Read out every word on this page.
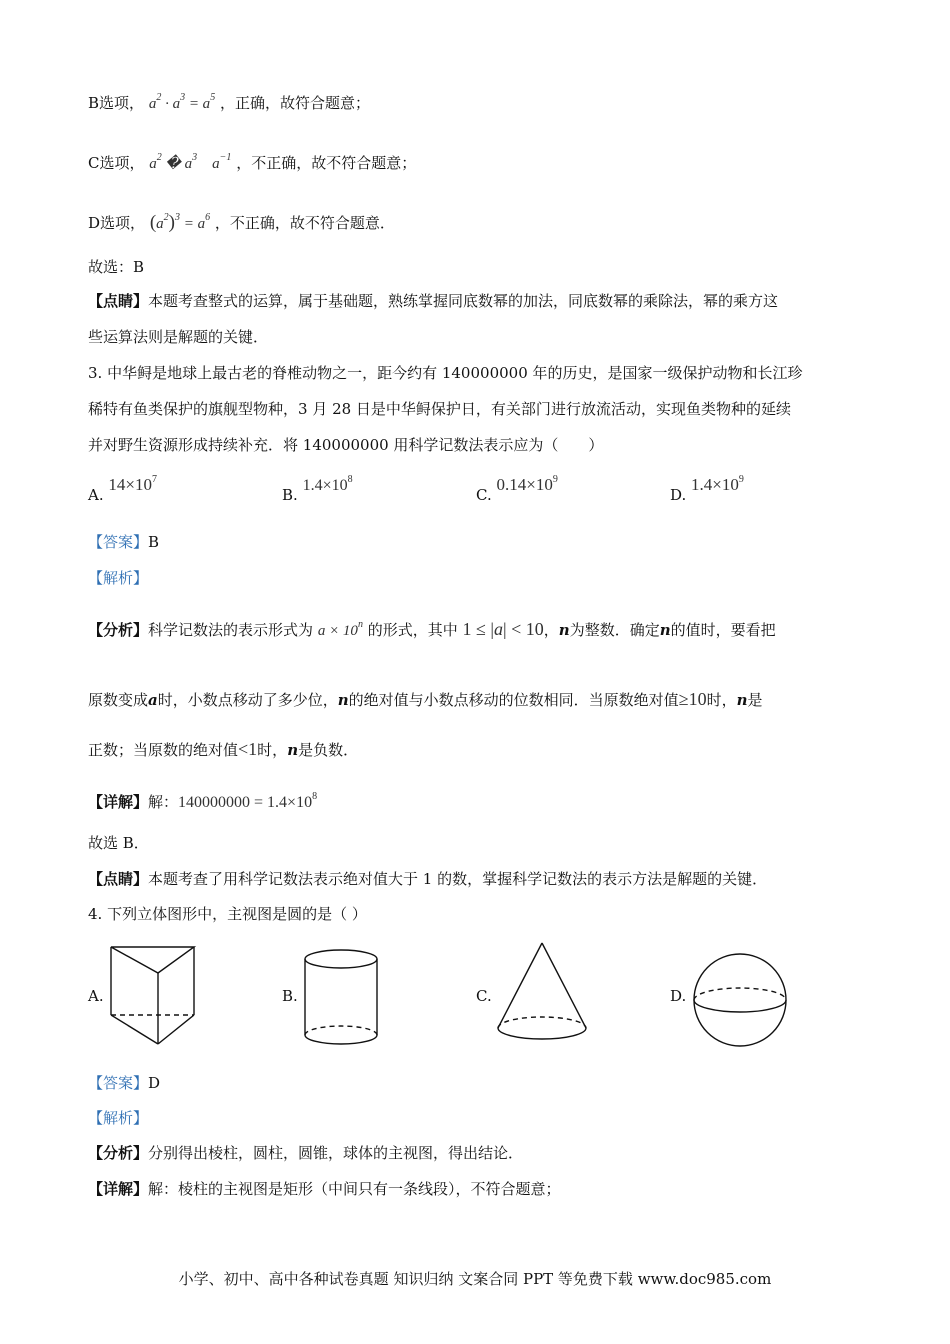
B选项， $a^2 \cdot a^3 = a^5$ ，正确，故符合题意；
C选项， $a^2$ � $a^3$    $a^{-1}$ ，不正确，故不符合题意；
D选项， $(a^2)^3 = a^6$ ，不正确，故不符合题意．
故选：B
【点睛】本题考查整式的运算，属于基础题，熟练掌握同底数幂的加法，同底数幂的乘除法，幂的乘方这
些运算法则是解题的关键．
3. 中华鲟是地球上最古老的脊椎动物之一，距今约有 140000000 年的历史，是国家一级保护动物和长江珍
稀特有鱼类保护的旗舰型物种，3 月 28 日是中华鲟保护日，有关部门进行放流活动，实现鱼类物种的延续
并对野生资源形成持续补充．将 140000000 用科学记数法表示应为（　　）
A. $14\times 10^7$
B. $1.4\times 10^8$
C. $0.14\times 10^9$
D. $1.4\times 10^9$
【答案】B
【解析】
【分析】科学记数法的表示形式为 $a \times 10^n$ 的形式，其中 1 ≤ |a| < 10，n为整数．确定n的值时，要看把
原数变成a时，小数点移动了多少位，n的绝对值与小数点移动的位数相同．当原数绝对值≥10时，n是
正数；当原数的绝对值<1时，n是负数．
【详解】解：$140000000 = 1.4\times 10^8$
故选 B．
【点睛】本题考查了用科学记数法表示绝对值大于 1 的数，掌握科学记数法的表示方法是解题的关键．
4. 下列立体图形中，主视图是圆的是（ ）
A.	B.	C.	D.
【答案】D
【解析】
【分析】分别得出棱柱，圆柱，圆锥，球体的主视图，得出结论．
【详解】解：棱柱的主视图是矩形（中间只有一条线段），不符合题意；
小学、初中、高中各种试卷真题 知识归纳 文案合同 PPT 等免费下载 www.doc985.com
